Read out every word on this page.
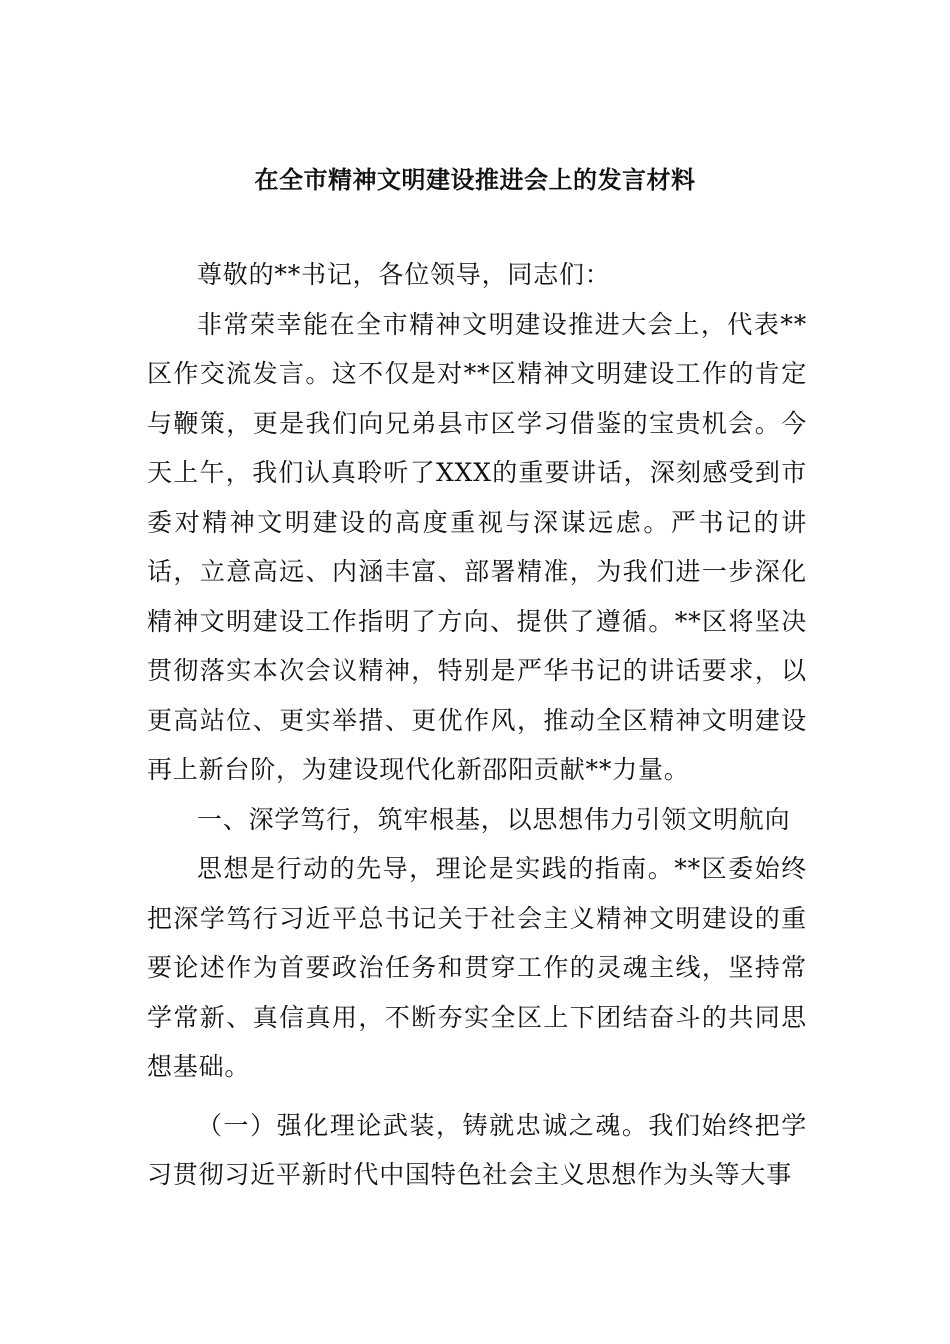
在全市精神文明建设推进会上的发言材料

尊敬的**书记，各位领导，同志们：

非常荣幸能在全市精神文明建设推进大会上，代表**区作交流发言。这不仅是对**区精神文明建设工作的肯定与鞭策，更是我们向兄弟县市区学习借鉴的宝贵机会。今天上午，我们认真聆听了XXX的重要讲话，深刻感受到市委对精神文明建设的高度重视与深谋远虑。严书记的讲话，立意高远、内涵丰富、部署精准，为我们进一步深化精神文明建设工作指明了方向、提供了遵循。**区将坚决贯彻落实本次会议精神，特别是严华书记的讲话要求，以更高站位、更实举措、更优作风，推动全区精神文明建设再上新台阶，为建设现代化新邵阳贡献**力量。

一、深学笃行，筑牢根基，以思想伟力引领文明航向

思想是行动的先导，理论是实践的指南。**区委始终把深学笃行习近平总书记关于社会主义精神文明建设的重要论述作为首要政治任务和贯穿工作的灵魂主线，坚持常学常新、真信真用，不断夯实全区上下团结奋斗的共同思想基础。

（一）强化理论武装，铸就忠诚之魂。我们始终把学习贯彻习近平新时代中国特色社会主义思想作为头等大事
